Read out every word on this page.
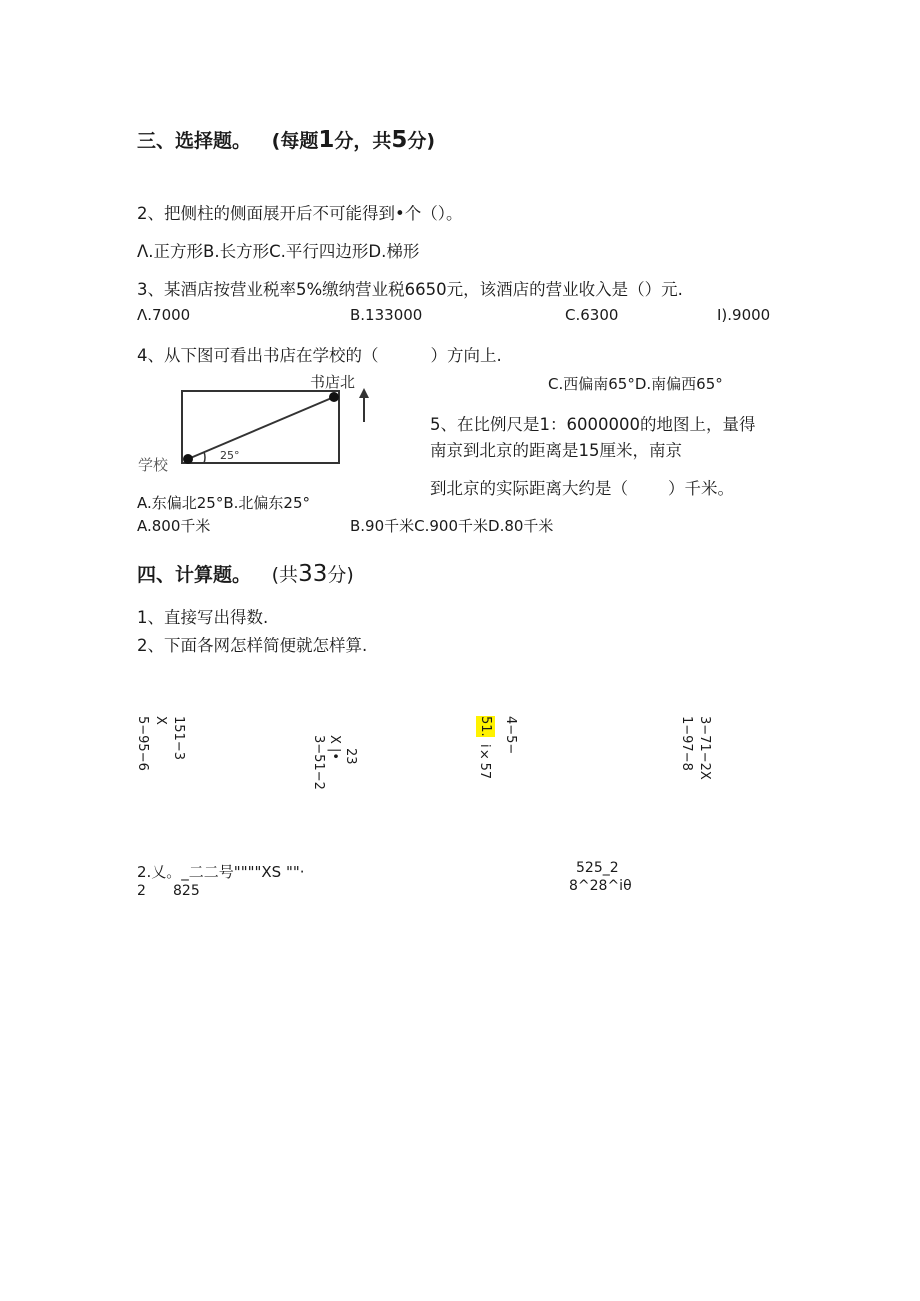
三、选择题。 (每题1分，共5分)
2、把侧柱的侧面展开后不可能得到•个（）。
Λ.正方形B.长方形C.平行四边形D.梯形
3、某酒店按营业税率5%缴纳营业税6650元，该酒店的营业收入是（）元.
Λ.7000	B.133000	C.6300	I).9000
4、从下图可看出书店在学校的（	）方向上.
C.西偏南65°D.南偏西65°
书店北
学校
25°
5、在比例尺是1：6000000的地图上，量得
南京到北京的距离是15厘米，南京
到北京的实际距离大约是（ ）千米。
A.东偏北25°B.北偏东25°
A.800千米	B.90千米C.900千米D.80千米
四、计算题。 (共33分)
1、直接写出得数.
2、下面各网怎样简便就怎样算.
5−95−6 X 151−3	3−51−2 X |• 23
51.
i×57
4−5−	1−97−8 3−71−2X
2.乂。_二二号""""XS ""·
2 825
525_2
8^28^iθ
